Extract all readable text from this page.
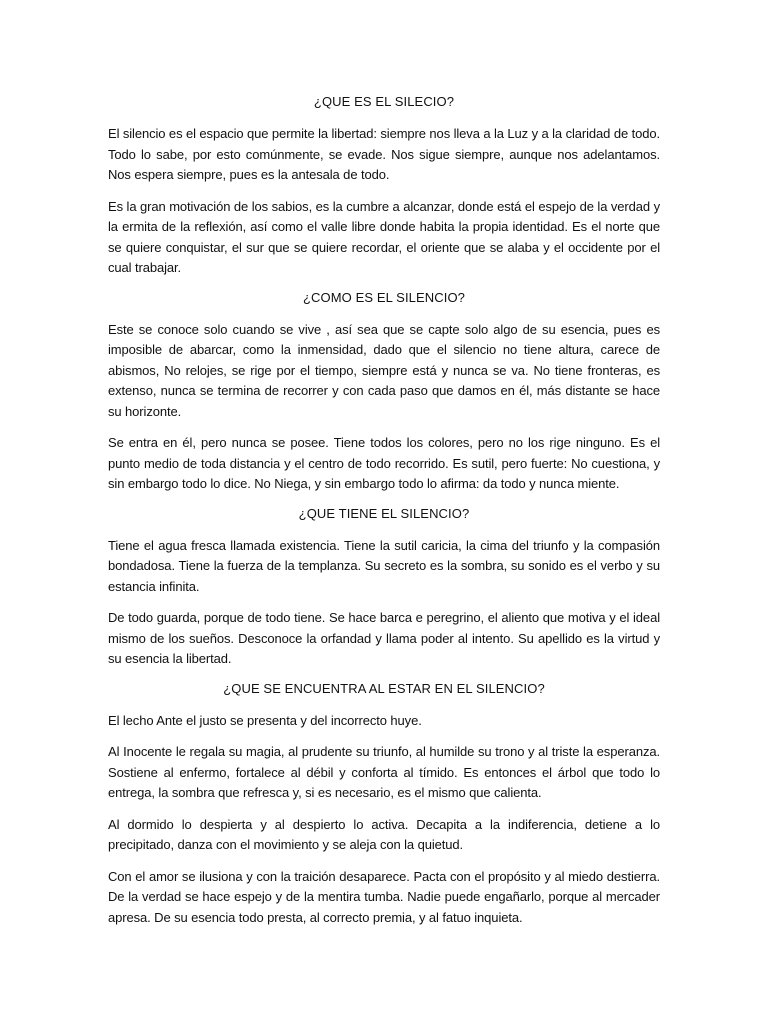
¿QUE ES EL SILECIO?

El silencio es el espacio que permite la libertad: siempre nos lleva a la Luz y a la claridad de todo. Todo lo sabe, por esto comúnmente, se evade. Nos sigue siempre, aunque nos adelantamos. Nos espera siempre, pues es la antesala de todo.

Es la gran motivación de los sabios, es la cumbre a alcanzar, donde está el espejo de la verdad y la ermita de la reflexión, así como el valle libre donde habita la propia identidad. Es el norte que se quiere conquistar, el sur que se quiere recordar, el oriente que se alaba y el occidente por el cual trabajar.

¿COMO ES EL SILENCIO?

Este se conoce solo cuando se vive , así sea que se capte solo algo de su esencia, pues es imposible de abarcar, como la inmensidad, dado que el silencio no tiene altura, carece de abismos, No relojes, se rige por el tiempo, siempre está y nunca se va. No tiene fronteras, es extenso, nunca se termina de recorrer y con cada paso que damos en él, más distante se hace su horizonte.

Se entra en él, pero nunca se posee. Tiene todos los colores, pero no los rige ninguno. Es el punto medio de toda distancia y el centro de todo recorrido. Es sutil, pero fuerte: No cuestiona, y sin embargo todo lo dice. No Niega, y sin embargo todo lo afirma: da todo y nunca miente.

¿QUE TIENE EL SILENCIO?

Tiene el agua fresca llamada existencia. Tiene la sutil caricia, la cima del triunfo y la compasión bondadosa. Tiene la fuerza de la templanza. Su secreto es la sombra, su sonido es el verbo y su estancia infinita.

De todo guarda, porque de todo tiene. Se hace barca e peregrino, el aliento que motiva y el ideal mismo de los sueños. Desconoce la orfandad y llama poder al intento. Su apellido es la virtud y su esencia la libertad.

¿QUE SE ENCUENTRA AL ESTAR EN EL SILENCIO?

El lecho Ante el justo se presenta y del incorrecto huye.

Al Inocente le regala su magia, al prudente su triunfo, al humilde su trono y al triste la esperanza. Sostiene al enfermo, fortalece al débil y conforta al tímido. Es entonces el árbol que todo lo entrega, la sombra que refresca y, si es necesario, es el mismo que calienta.

Al dormido lo despierta y al despierto lo activa. Decapita a la indiferencia, detiene a lo precipitado, danza con el movimiento y se aleja con la quietud.

Con el amor se ilusiona y con la traición desaparece. Pacta con el propósito y al miedo destierra. De la verdad se hace espejo y de la mentira tumba. Nadie puede engañarlo, porque al mercader apresa. De su esencia todo presta, al correcto premia, y al fatuo inquieta.
